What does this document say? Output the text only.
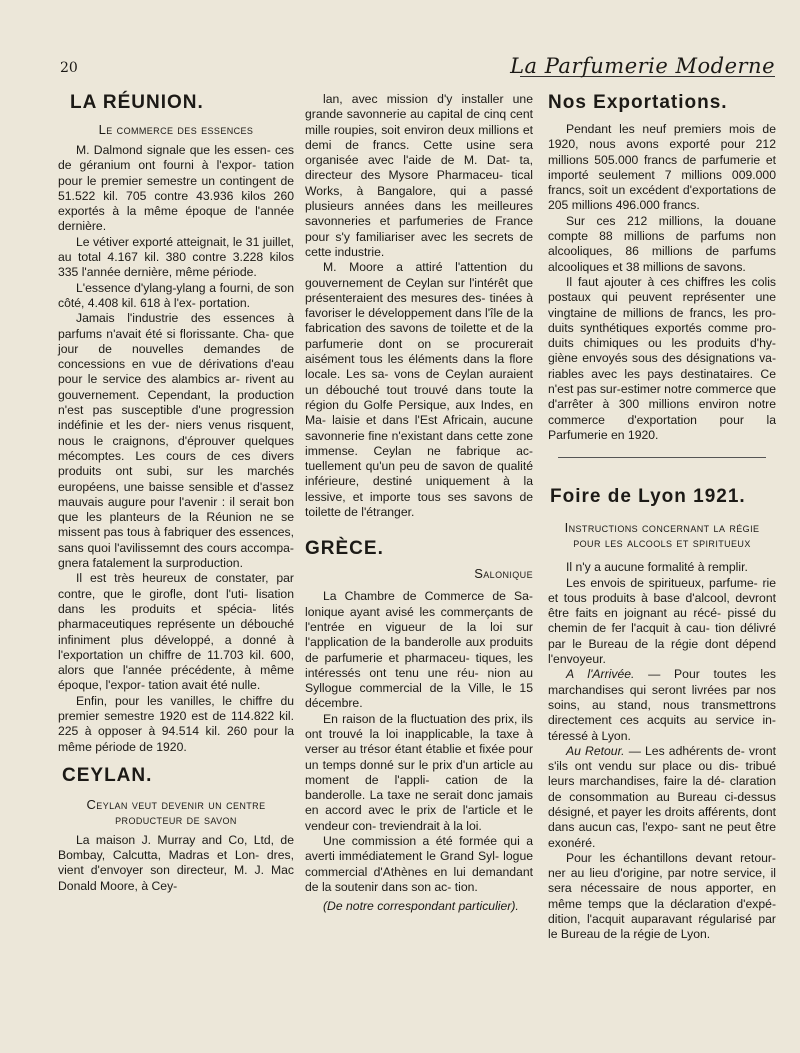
20	La Parfumerie Moderne
LA RÉUNION.
Le commerce des essences

M. Dalmond signale que les essen- ces de géranium ont fourni à l'expor- tation pour le premier semestre un contingent de 51.522 kil. 705 contre 43.936 kilos 260 exportés à la même époque de l'année dernière.

Le vétiver exporté atteignait, le 31 juillet, au total 4.167 kil. 380 contre 3.228 kilos 335 l'année dernière, même période.

L'essence d'ylang-ylang a fourni, de son côté, 4.408 kil. 618 à l'ex- portation.

Jamais l'industrie des essences à parfums n'avait été si florissante. Cha- que jour de nouvelles demandes de concessions en vue de dérivations d'eau pour le service des alambics ar- rivent au gouvernement. Cependant, la production n'est pas susceptible d'une progression indéfinie et les der- niers venus risquent, nous le craignons, d'éprouver quelques mécomptes. Les cours de ces divers produits ont subi, sur les marchés européens, une baisse sensible et d'assez mauvais augure pour l'avenir : il serait bon que les planteurs de la Réunion ne se missent pas tous à fabriquer des essences, sans quoi l'avilissemnt des cours accompa- gnera fatalement la surproduction.

Il est très heureux de constater, par contre, que le girofle, dont l'uti- lisation dans les produits et spécia- lités pharmaceutiques représente un débouché infiniment plus développé, a donné à l'exportation un chiffre de 11.703 kil. 600, alors que l'année précédente, à même époque, l'expor- tation avait été nulle.

Enfin, pour les vanilles, le chiffre du premier semestre 1920 est de 114.822 kil. 225 à opposer à 94.514 kil. 260 pour la même période de 1920.

CEYLAN.
Ceylan veut devenir un centre
producteur de savon

La maison J. Murray and Co, Ltd, de Bombay, Calcutta, Madras et Lon- dres, vient d'envoyer son directeur, M. J. Mac Donald Moore, à Cey-

lan, avec mission d'y installer une grande savonnerie au capital de cinq cent mille roupies, soit environ deux millions et demi de francs. Cette usine sera organisée avec l'aide de M. Dat- ta, directeur des Mysore Pharmaceu- tical Works, à Bangalore, qui a passé plusieurs années dans les meilleures savonneries et parfumeries de France pour s'y familiariser avec les secrets de cette industrie.

M. Moore a attiré l'attention du gouvernement de Ceylan sur l'intérêt que présenteraient des mesures des- tinées à favoriser le développement dans l'île de la fabrication des savons de toilette et de la parfumerie dont on se procurerait aisément tous les éléments dans la flore locale. Les sa- vons de Ceylan auraient un débouché tout trouvé dans toute la région du Golfe Persique, aux Indes, en Ma- laisie et dans l'Est Africain, aucune savonnerie fine n'existant dans cette zone immense. Ceylan ne fabrique ac- tuellement qu'un peu de savon de qualité inférieure, destiné uniquement à la lessive, et importe tous ses savons de toilette de l'étranger.

GRÈCE.
Salonique

La Chambre de Commerce de Sa- lonique ayant avisé les commerçants de l'entrée en vigueur de la loi sur l'application de la banderolle aux produits de parfumerie et pharmaceu- tiques, les intéressés ont tenu une réu- nion au Syllogue commercial de la Ville, le 15 décembre.

En raison de la fluctuation des prix, ils ont trouvé la loi inapplicable, la taxe à verser au trésor étant établie et fixée pour un temps donné sur le prix d'un article au moment de l'appli- cation de la banderolle. La taxe ne serait donc jamais en accord avec le prix de l'article et le vendeur con- treviendrait à la loi.

Une commission a été formée qui a averti immédiatement le Grand Syl- logue commercial d'Athènes en lui demandant de la soutenir dans son ac- tion.

(De notre correspondant particulier).

Nos Exportations.

Pendant les neuf premiers mois de 1920, nous avons exporté pour 212 millions 505.000 francs de parfumerie et importé seulement 7 millions 009.000 francs, soit un excédent d'exportations de 205 millions 496.000 francs.

Sur ces 212 millions, la douane compte 88 millions de parfums non alcooliques, 86 millions de parfums alcooliques et 38 millions de savons.

Il faut ajouter à ces chiffres les colis postaux qui peuvent représenter une vingtaine de millions de francs, les pro- duits synthétiques exportés comme pro- duits chimiques ou les produits d'hy- giène envoyés sous des désignations va- riables avec les pays destinataires. Ce n'est pas sur-estimer notre commerce que d'arrêter à 300 millions environ notre commerce d'exportation pour la Parfumerie en 1920.

Foire de Lyon 1921.
Instructions concernant la régie
pour les alcools et spiritueux

Il n'y a aucune formalité à remplir.

Les envois de spiritueux, parfume- rie et tous produits à base d'alcool, devront être faits en joignant au récé- pissé du chemin de fer l'acquit à cau- tion délivré par le Bureau de la régie dont dépend l'envoyeur.

A l'Arrivée. — Pour toutes les marchandises qui seront livrées par nos soins, au stand, nous transmettrons directement ces acquits au service in- téressé à Lyon.

Au Retour. — Les adhérents de- vront s'ils ont vendu sur place ou dis- tribué leurs marchandises, faire la dé- claration de consommation au Bureau ci-dessus désigné, et payer les droits afférents, dont dans aucun cas, l'expo- sant ne peut être exonéré.

Pour les échantillons devant retour- ner au lieu d'origine, par notre service, il sera nécessaire de nous apporter, en même temps que la déclaration d'expé- dition, l'acquit auparavant régularisé par le Bureau de la régie de Lyon.
